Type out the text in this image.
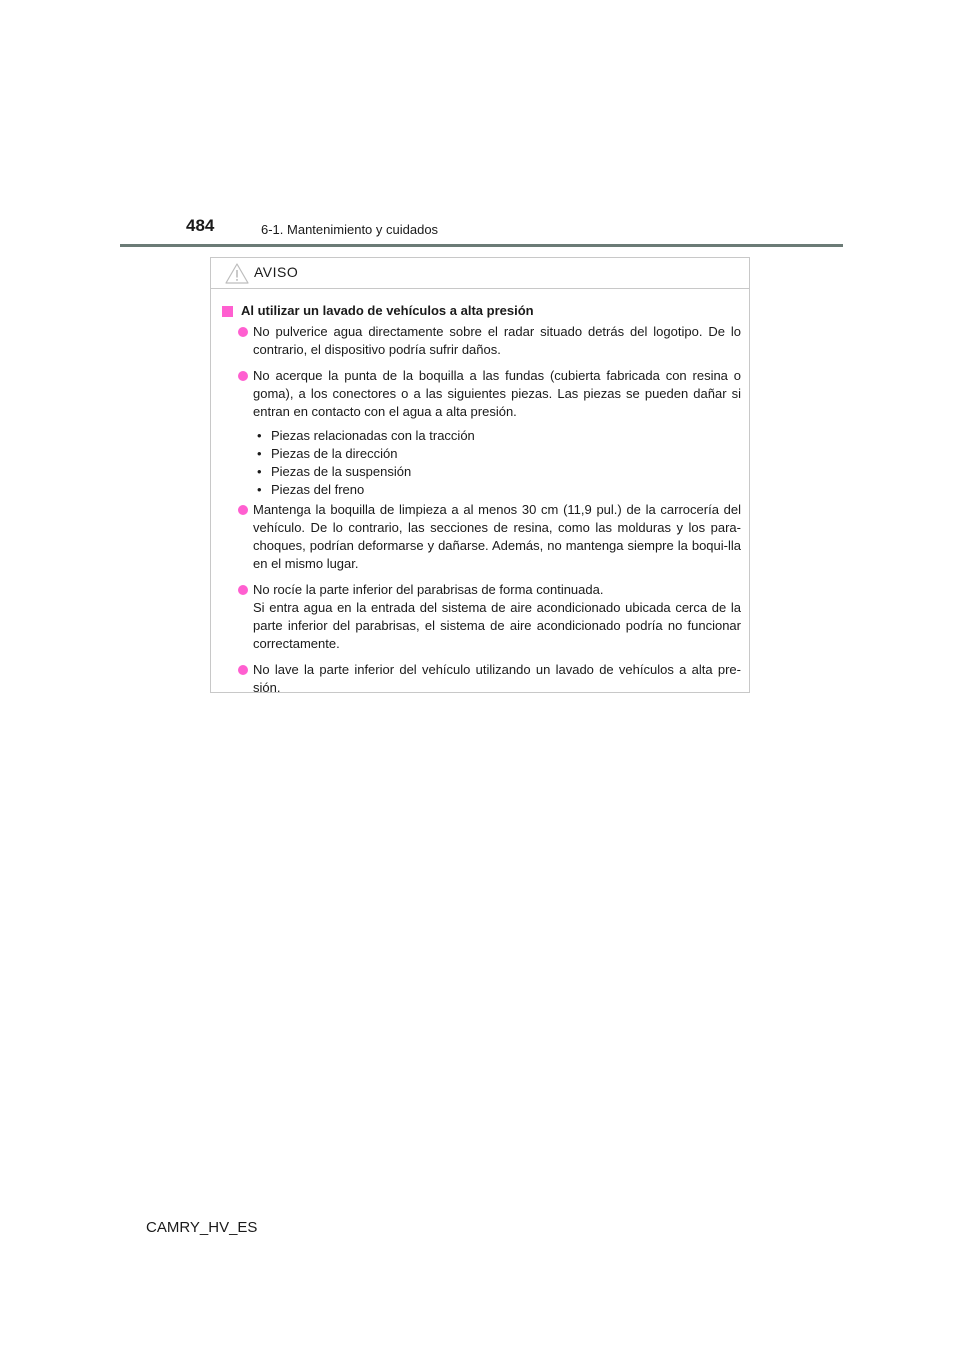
484	6-1. Mantenimiento y cuidados
AVISO
Al utilizar un lavado de vehículos a alta presión
No pulverice agua directamente sobre el radar situado detrás del logotipo. De lo contrario, el dispositivo podría sufrir daños.
No acerque la punta de la boquilla a las fundas (cubierta fabricada con resina o goma), a los conectores o a las siguientes piezas. Las piezas se pueden dañar si entran en contacto con el agua a alta presión.
• Piezas relacionadas con la tracción
• Piezas de la dirección
• Piezas de la suspensión
• Piezas del freno
Mantenga la boquilla de limpieza a al menos 30 cm (11,9 pul.) de la carrocería del vehículo. De lo contrario, las secciones de resina, como las molduras y los para-choques, podrían deformarse y dañarse. Además, no mantenga siempre la boqui-lla en el mismo lugar.
No rocíe la parte inferior del parabrisas de forma continuada.
Si entra agua en la entrada del sistema de aire acondicionado ubicada cerca de la parte inferior del parabrisas, el sistema de aire acondicionado podría no funcionar correctamente.
No lave la parte inferior del vehículo utilizando un lavado de vehículos a alta pre-sión.
CAMRY_HV_ES
